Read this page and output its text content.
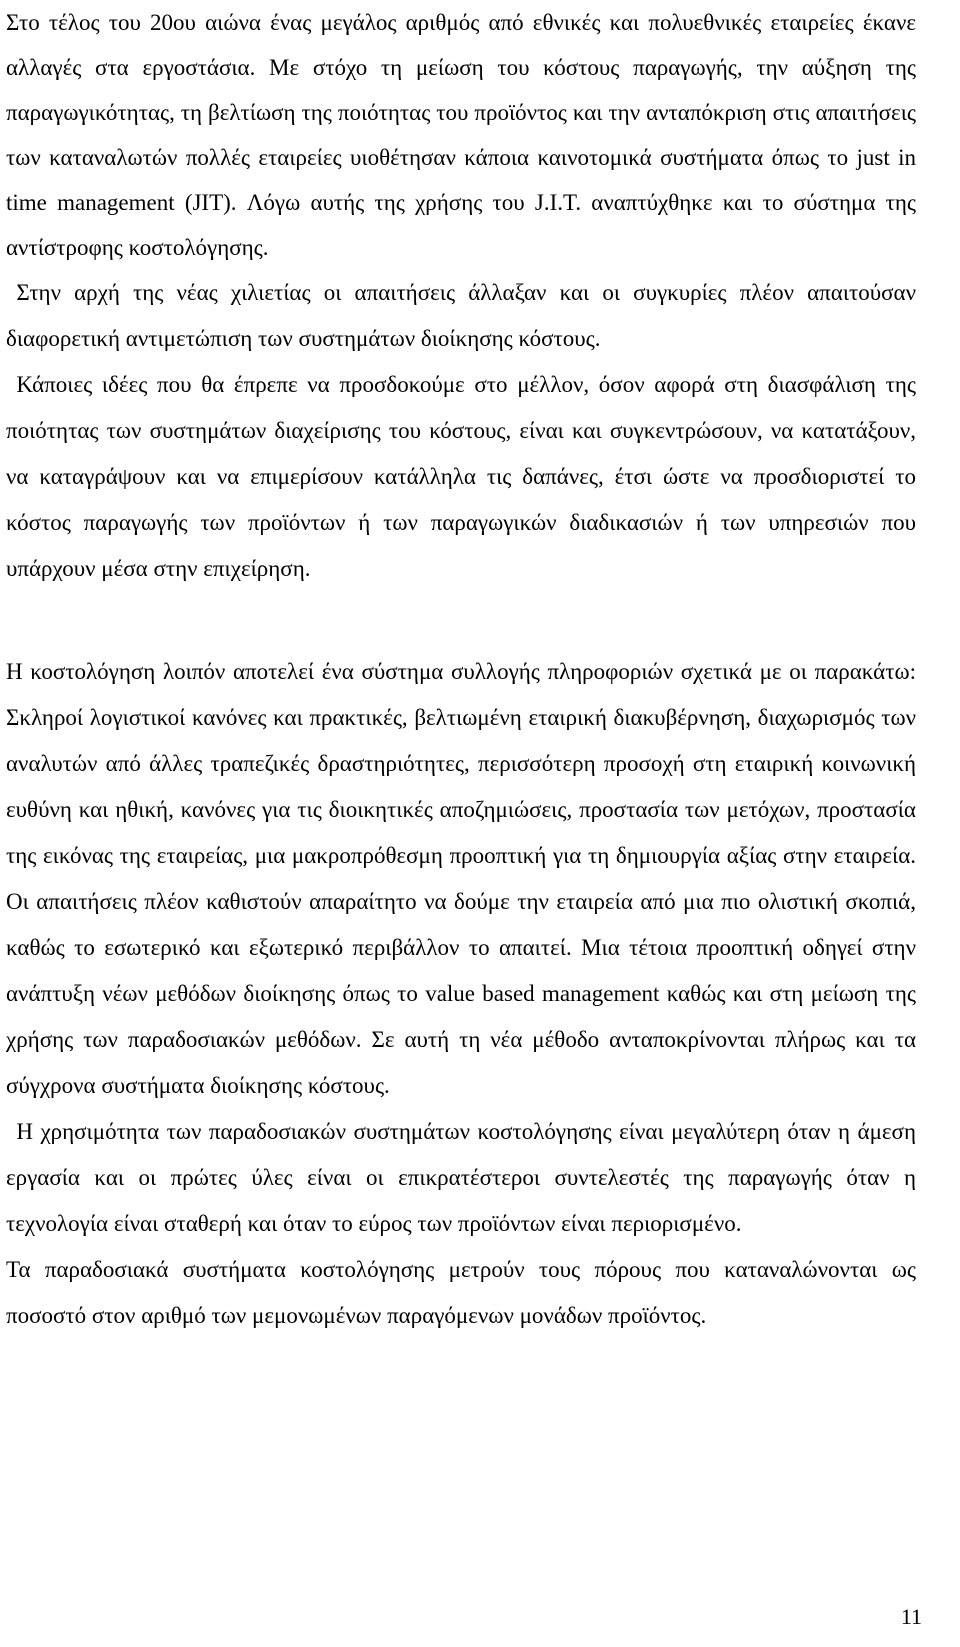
Στο τέλος του 20ου αιώνα ένας μεγάλος αριθμός από εθνικές και πολυεθνικές εταιρείες έκανε αλλαγές στα εργοστάσια. Με στόχο τη μείωση του κόστους παραγωγής, την αύξηση της παραγωγικότητας, τη βελτίωση της ποιότητας του προϊόντος και την ανταπόκριση στις απαιτήσεις των καταναλωτών πολλές εταιρείες υιοθέτησαν κάποια καινοτομικά συστήματα όπως το just in time management (JIT). Λόγω αυτής της χρήσης του J.I.T. αναπτύχθηκε και το σύστημα της αντίστροφης κοστολόγησης.

Στην αρχή της νέας χιλιετίας οι απαιτήσεις άλλαξαν και οι συγκυρίες πλέον απαιτούσαν διαφορετική αντιμετώπιση των συστημάτων διοίκησης κόστους.

Κάποιες ιδέες που θα έπρεπε να προσδοκούμε στο μέλλον, όσον αφορά στη διασφάλιση της ποιότητας των συστημάτων διαχείρισης του κόστους, είναι και συγκεντρώσουν, να κατατάξουν, να καταγράψουν και να επιμερίσουν κατάλληλα τις δαπάνες, έτσι ώστε να προσδιοριστεί το κόστος παραγωγής των προϊόντων ή των παραγωγικών διαδικασιών ή των υπηρεσιών που υπάρχουν μέσα στην επιχείρηση.

Η κοστολόγηση λοιπόν αποτελεί ένα σύστημα συλλογής πληροφοριών σχετικά με οι παρακάτω: Σκληροί λογιστικοί κανόνες και πρακτικές, βελτιωμένη εταιρική διακυβέρνηση, διαχωρισμός των αναλυτών από άλλες τραπεζικές δραστηριότητες, περισσότερη προσοχή στη εταιρική κοινωνική ευθύνη και ηθική, κανόνες για τις διοικητικές αποζημιώσεις, προστασία των μετόχων, προστασία της εικόνας της εταιρείας, μια μακροπρόθεσμη προοπτική για τη δημιουργία αξίας στην εταιρεία. Οι απαιτήσεις πλέον καθιστούν απαραίτητο να δούμε την εταιρεία από μια πιο ολιστική σκοπιά, καθώς το εσωτερικό και εξωτερικό περιβάλλον το απαιτεί. Μια τέτοια προοπτική οδηγεί στην ανάπτυξη νέων μεθόδων διοίκησης όπως το value based management καθώς και στη μείωση της χρήσης των παραδοσιακών μεθόδων. Σε αυτή τη νέα μέθοδο ανταποκρίνονται πλήρως και τα σύγχρονα συστήματα διοίκησης κόστους.

Η χρησιμότητα των παραδοσιακών συστημάτων κοστολόγησης είναι μεγαλύτερη όταν η άμεση εργασία και οι πρώτες ύλες είναι οι επικρατέστεροι συντελεστές της παραγωγής όταν η τεχνολογία είναι σταθερή και όταν το εύρος των προϊόντων είναι περιορισμένο.

Τα παραδοσιακά συστήματα κοστολόγησης μετρούν τους πόρους που καταναλώνονται ως ποσοστό στον αριθμό των μεμονωμένων παραγόμενων μονάδων προϊόντος.

11
